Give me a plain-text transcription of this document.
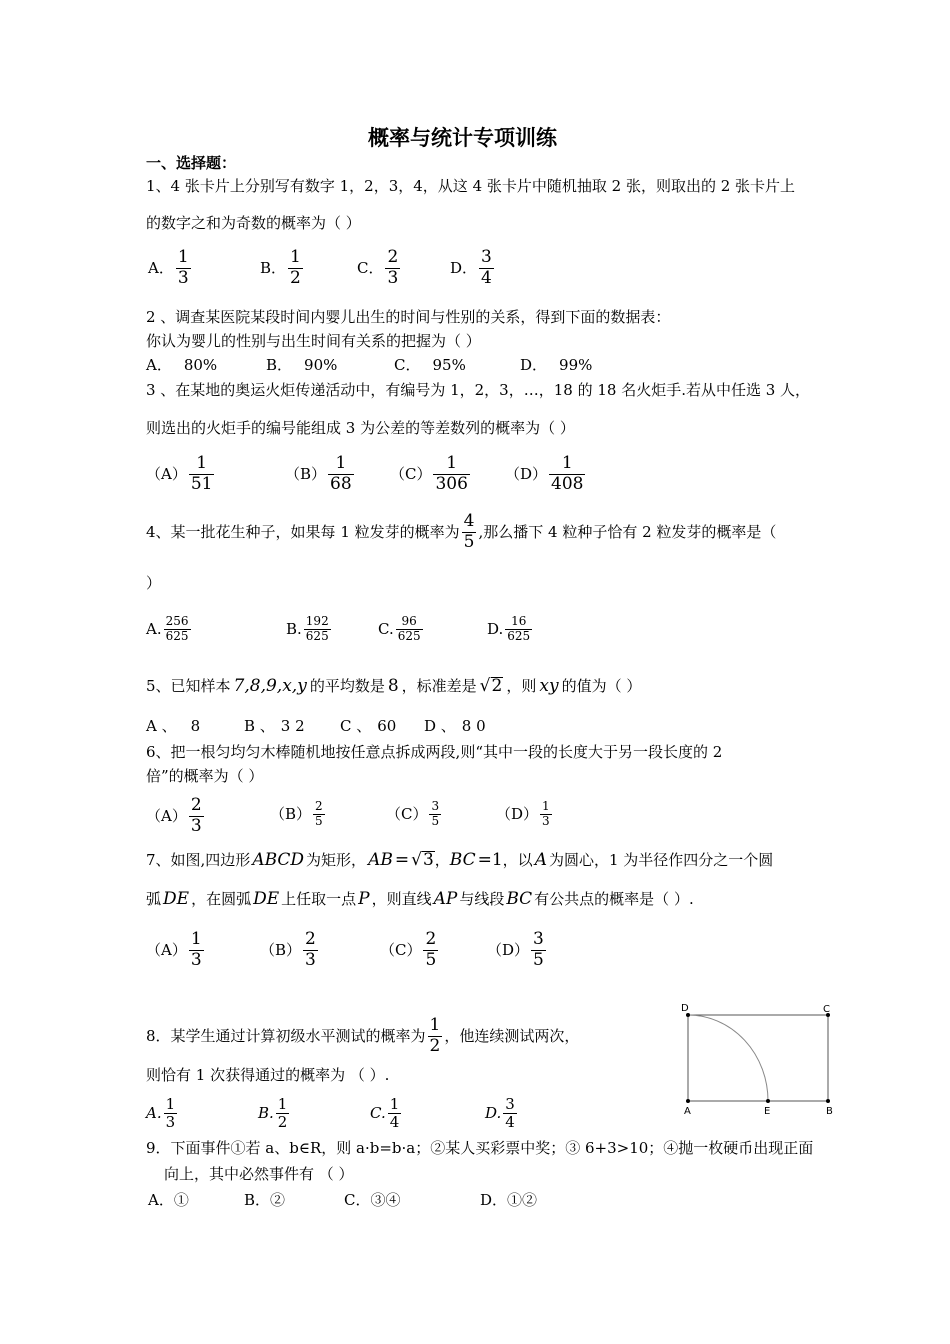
概率与统计专项训练
一、选择题：
1、4 张卡片上分别写有数字 1，2，3，4，从这 4 张卡片中随机抽取 2 张，则取出的 2 张卡片上
的数字之和为奇数的概率为（ ）
A． $\frac{1}{3}$	B． $\frac{1}{2}$	C． $\frac{2}{3}$	D． $\frac{3}{4}$
2 、调查某医院某段时间内婴儿出生的时间与性别的关系，得到下面的数据表：
你认为婴儿的性别与出生时间有关系的把握为（ ）
A． 80%	B． 90%	C． 95%	D． 99%
3 、在某地的奥运火炬传递活动中，有编号为 1，2，3，…，18 的 18 名火炬手.若从中任选 3 人，
则选出的火炬手的编号能组成 3 为公差的等差数列的概率为（ ）
$(A) \frac{1}{51}$	$(B) \frac{1}{68} (C) \frac{1}{306} (D) \frac{1}{408}$
4、某一批花生种子，如果每 1 粒发芽的概率为 $\frac{4}{5}$ ,那么播下 4 粒种子恰有 2 粒发芽的概率是（
）
A. $\frac{256}{625}$	B. $\frac{192}{625}$	C. $\frac{96}{625}$	D. $\frac{16}{625}$
5、已知样本 7,8,9,x,y 的平均数是 8 ，标准差是 √ 2 ，则 xy 的值为（ ）
A 、 8	B 、 3 2 C 、 60 D 、 8 0
6、把一根匀均匀木棒随机地按任意点拆成两段,则“其中一段的长度大于另一段长度的 2
倍”的概率为（ ）
$(A) \frac{2}{3}$	$(B) \frac{2}{5}$	$(C) \frac{3}{5}$	$(D) \frac{1}{3}$
7、如图,四边形 ABCD 为矩形， AB = √ 3 ， BC =1 ，以 A 为圆心，1 为半径作四分之一个圆
弧 DE ，在圆弧 DE 上任取一点 P ，则直线 AP 与线段 BC 有公共点的概率是（ ）.
$(A) \frac{1}{3}$	$(B) \frac{2}{3}$	$(C) \frac{2}{5}$	$(D) \frac{3}{5}$
8．某学生通过计算初级水平测试的概率为 $\frac{1}{2}$ ，他连续测试两次，
则恰有 1 次获得通过的概率为 （ ）.
A. $\frac{1}{3}$	B. $\frac{1}{2}$	C. $\frac{1}{4}$	D. $\frac{3}{4}$
D	C
A	E	B
9．下面事件①若 a、b∈R，则 a·b=b·a；②某人买彩票中奖；③ 6+3>10；④抛一枚硬币出现正面
向上，其中必然事件有 （ ）
A．①	B．②	C．③④	D．①②
